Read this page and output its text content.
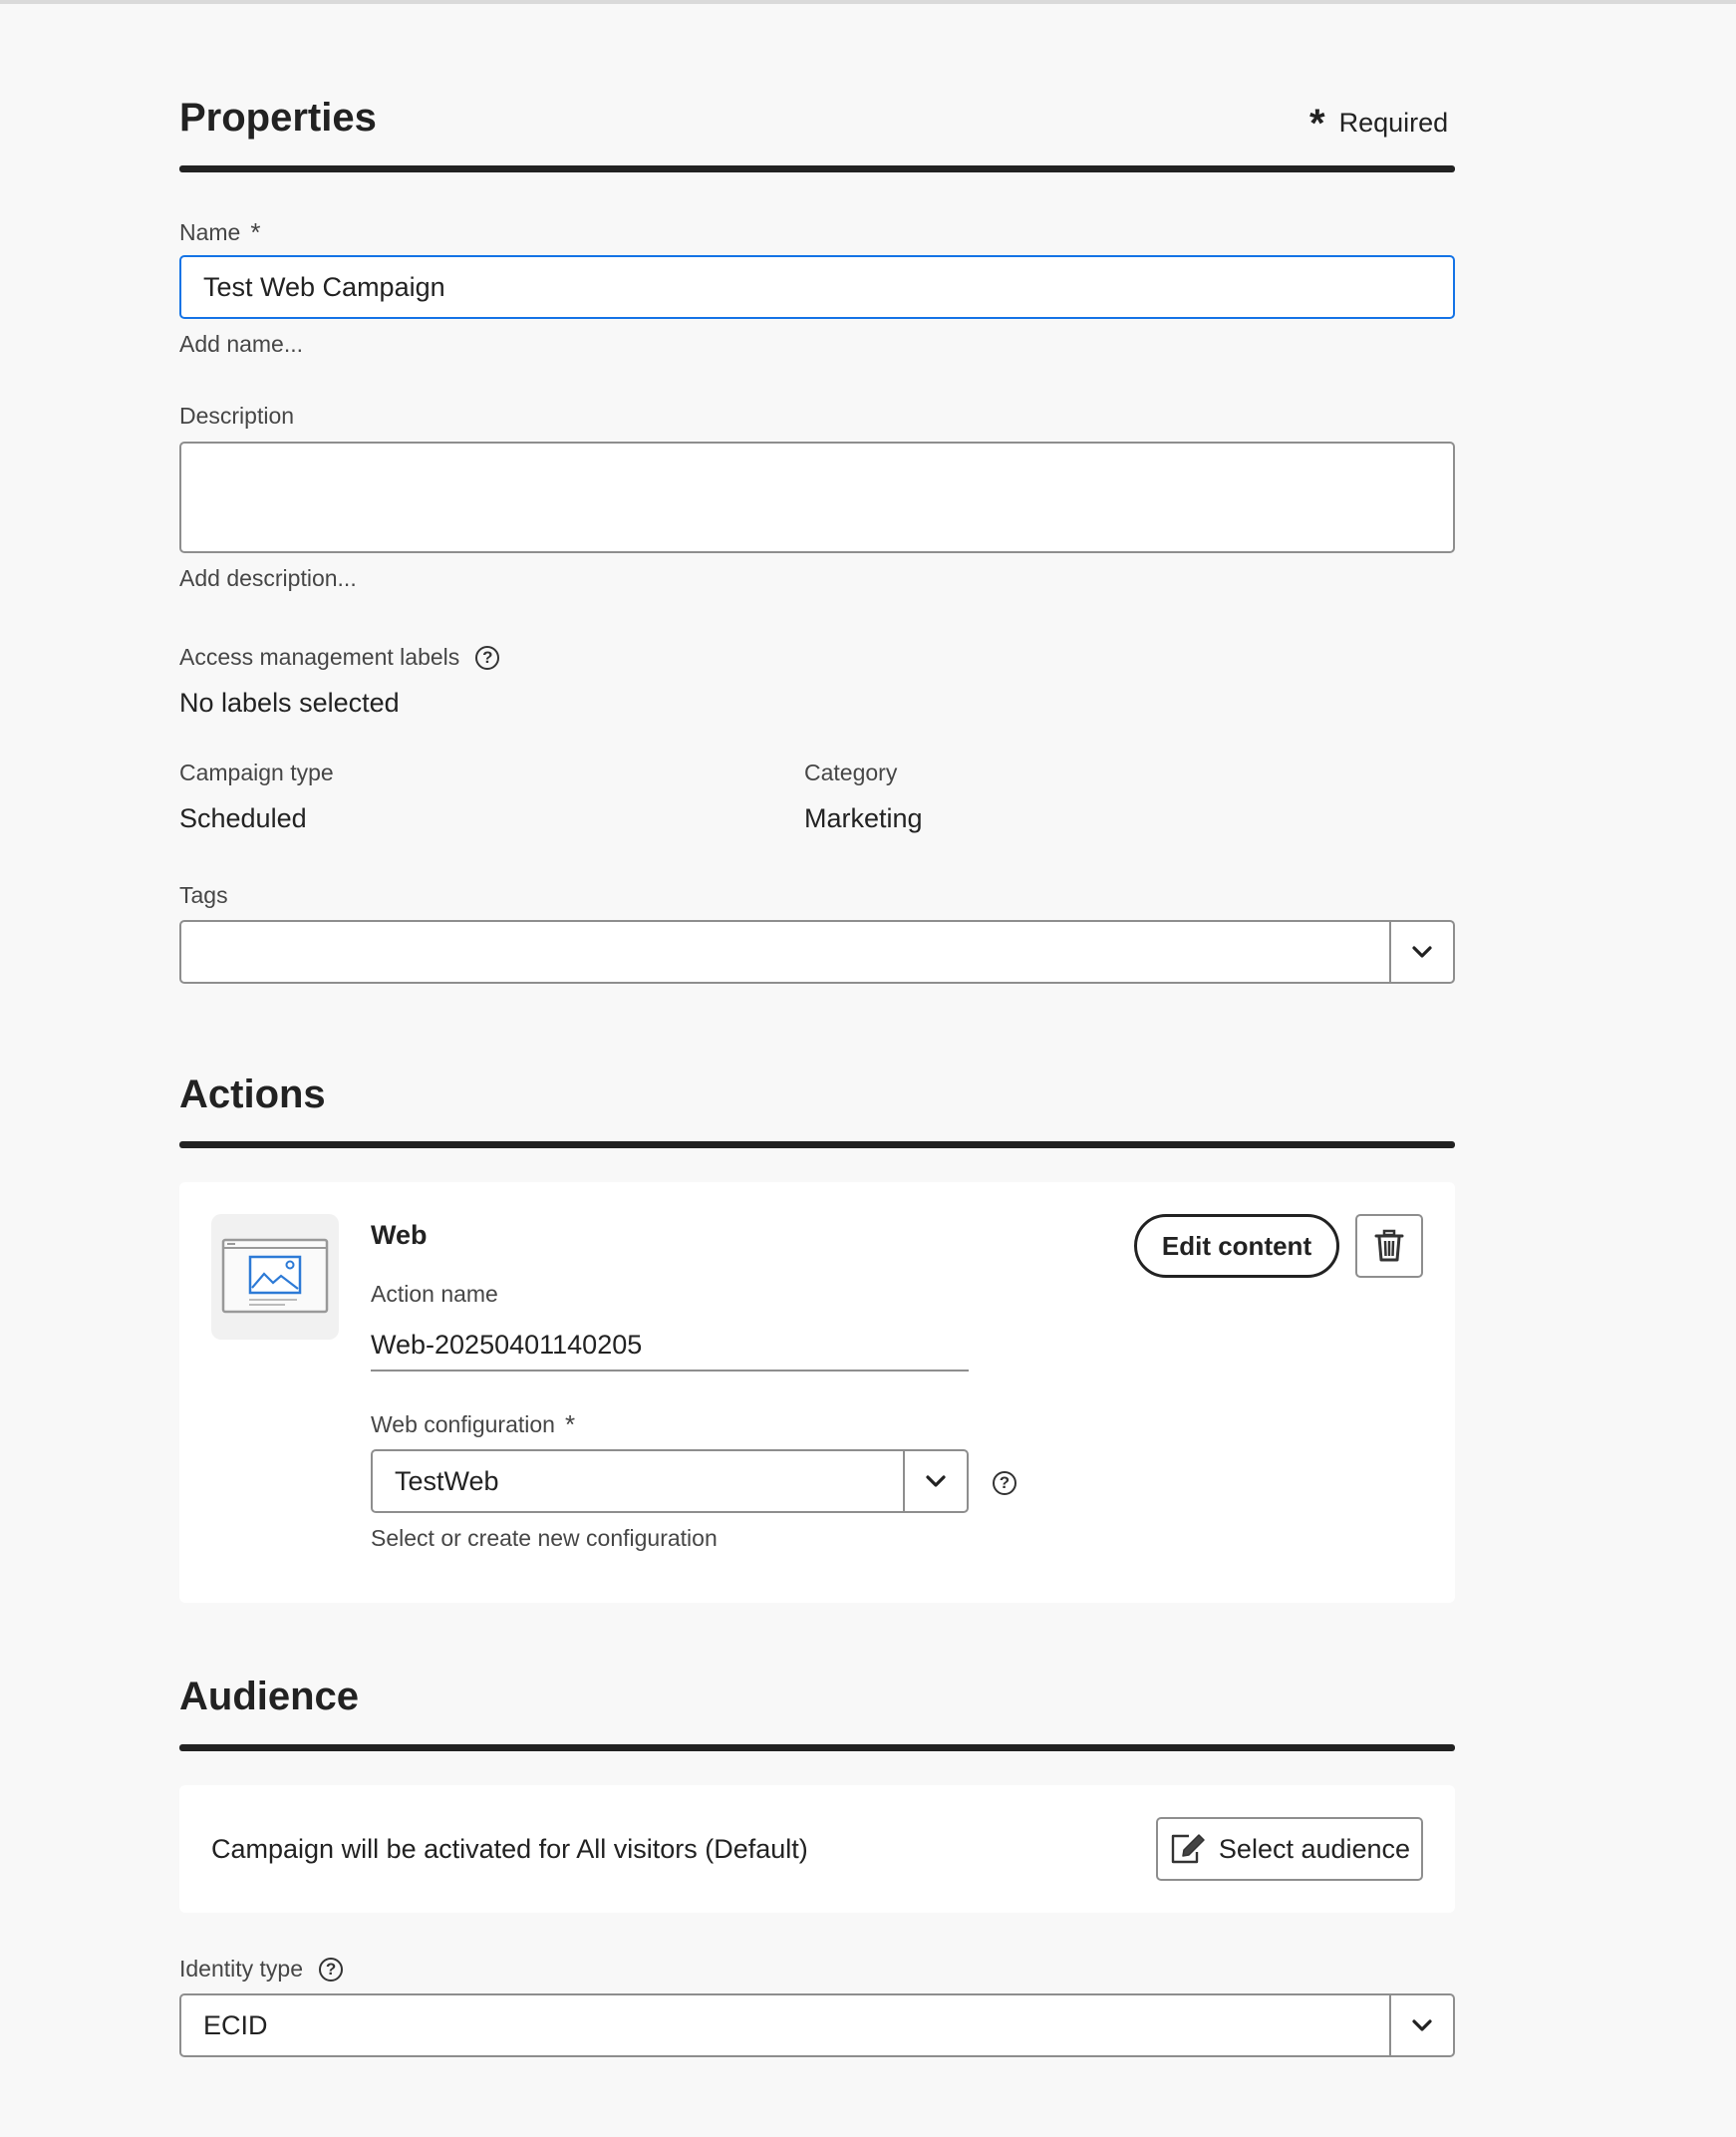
Properties	* Required
Name *
Test Web Campaign
Add name...
Description
Add description...
Access management labels	?
No labels selected
Campaign type
Scheduled
Category
Marketing
Tags
Actions
Web
Action name
Web-20250401140205
Web configuration *
TestWeb	?
Select or create new configuration
Edit content
Audience
Campaign will be activated for All visitors (Default)	Select audience
Identity type	?
ECID
